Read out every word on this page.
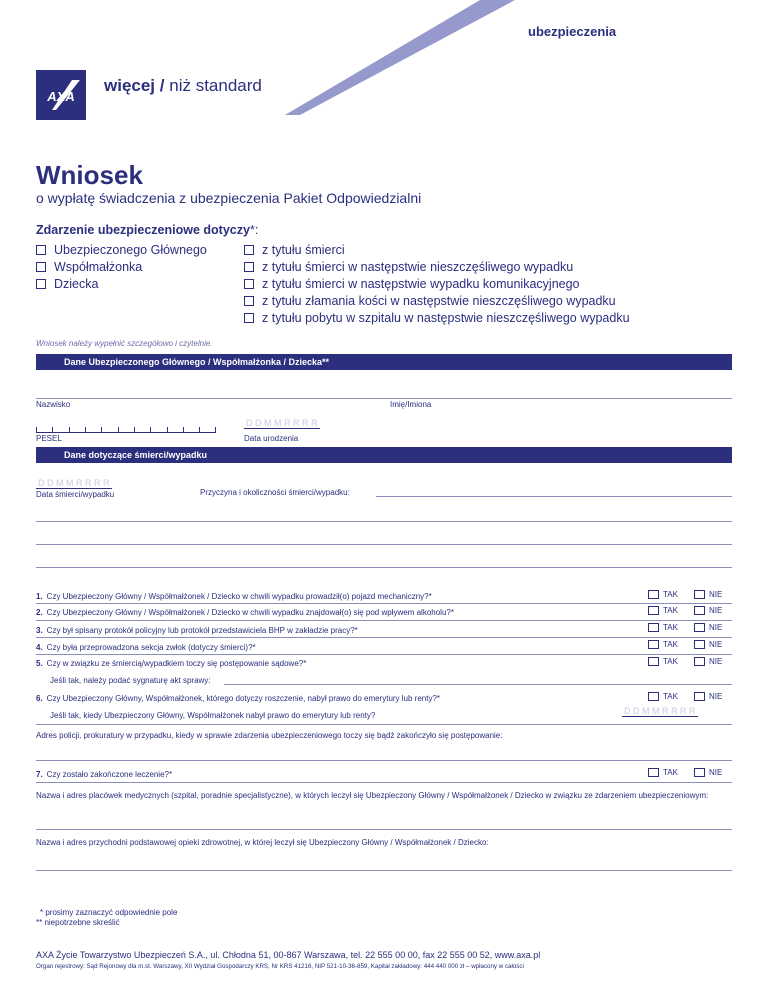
ubezpieczenia
AXA
więcej / niż standard
Wniosek
o wypłatę świadczenia z ubezpieczenia Pakiet Odpowiedzialni
Zdarzenie ubezpieczeniowe dotyczy*:
Ubezpieczonego Głównego
Współmałżonka
Dziecka
z tytułu śmierci
z tytułu śmierci w następstwie nieszczęśliwego wypadku
z tytułu śmierci w następstwie wypadku komunikacyjnego
z tytułu złamania kości w następstwie nieszczęśliwego wypadku
z tytułu pobytu w szpitalu w następstwie nieszczęśliwego wypadku
Wniosek należy wypełnić szczegółowo i czytelnie.
Dane Ubezpieczonego Głównego / Współmałżonka / Dziecka**
Nazwisko	Imię/Imiona
PESEL
D D M M R R R R
Data urodzenia
Dane dotyczące śmierci/wypadku
D D M M R R R R
Data śmierci/wypadku	Przyczyna i okoliczności śmierci/wypadku:
1. Czy Ubezpieczony Główny / Współmałżonek / Dziecko w chwili wypadku prowadził(o) pojazd mechaniczny?*	TAK	NIE
2. Czy Ubezpieczony Główny / Współmałżonek / Dziecko w chwili wypadku znajdował(o) się pod wpływem alkoholu?*	TAK	NIE
3. Czy był spisany protokół policyjny lub protokół przedstawiciela BHP w zakładzie pracy?*	TAK	NIE
4. Czy była przeprowadzona sekcja zwłok (dotyczy śmierci)?*	TAK	NIE
5. Czy w związku ze śmiercią/wypadkiem toczy się postępowanie sądowe?*	TAK	NIE
Jeśli tak, należy podać sygnaturę akt sprawy:
6. Czy Ubezpieczony Główny, Współmałżonek, którego dotyczy roszczenie, nabył prawo do emerytury lub renty?*	TAK	NIE
Jeśli tak, kiedy Ubezpieczony Główny, Współmałżonek nabył prawo do emerytury lub renty?	D D M M R R R R
Adres policji, prokuratury w przypadku, kiedy w sprawie zdarzenia ubezpieczeniowego toczy się bądź zakończyło się postępowanie:
7. Czy zostało zakończone leczenie?*	TAK	NIE
Nazwa i adres placówek medycznych (szpital, poradnie specjalistyczne), w których leczył się Ubezpieczony Główny / Współmałżonek / Dziecko w związku ze zdarzeniem ubezpieczeniowym:
Nazwa i adres przychodni podstawowej opieki zdrowotnej, w której leczył się Ubezpieczony Główny / Współmałżonek / Dziecko:
* prosimy zaznaczyć odpowiednie pole
** niepotrzebne skreślić
AXA Życie Towarzystwo Ubezpieczeń S.A., ul. Chłodna 51, 00-867 Warszawa, tel. 22 555 00 00, fax 22 555 00 52, www.axa.pl
Organ rejestrowy: Sąd Rejonowy dla m.st. Warszawy, XII Wydział Gospodarczy KRS, Nr KRS 41216, NIP 521-10-36-859, Kapitał zakładowy: 444 440 000 zł – wpłacony w całości
